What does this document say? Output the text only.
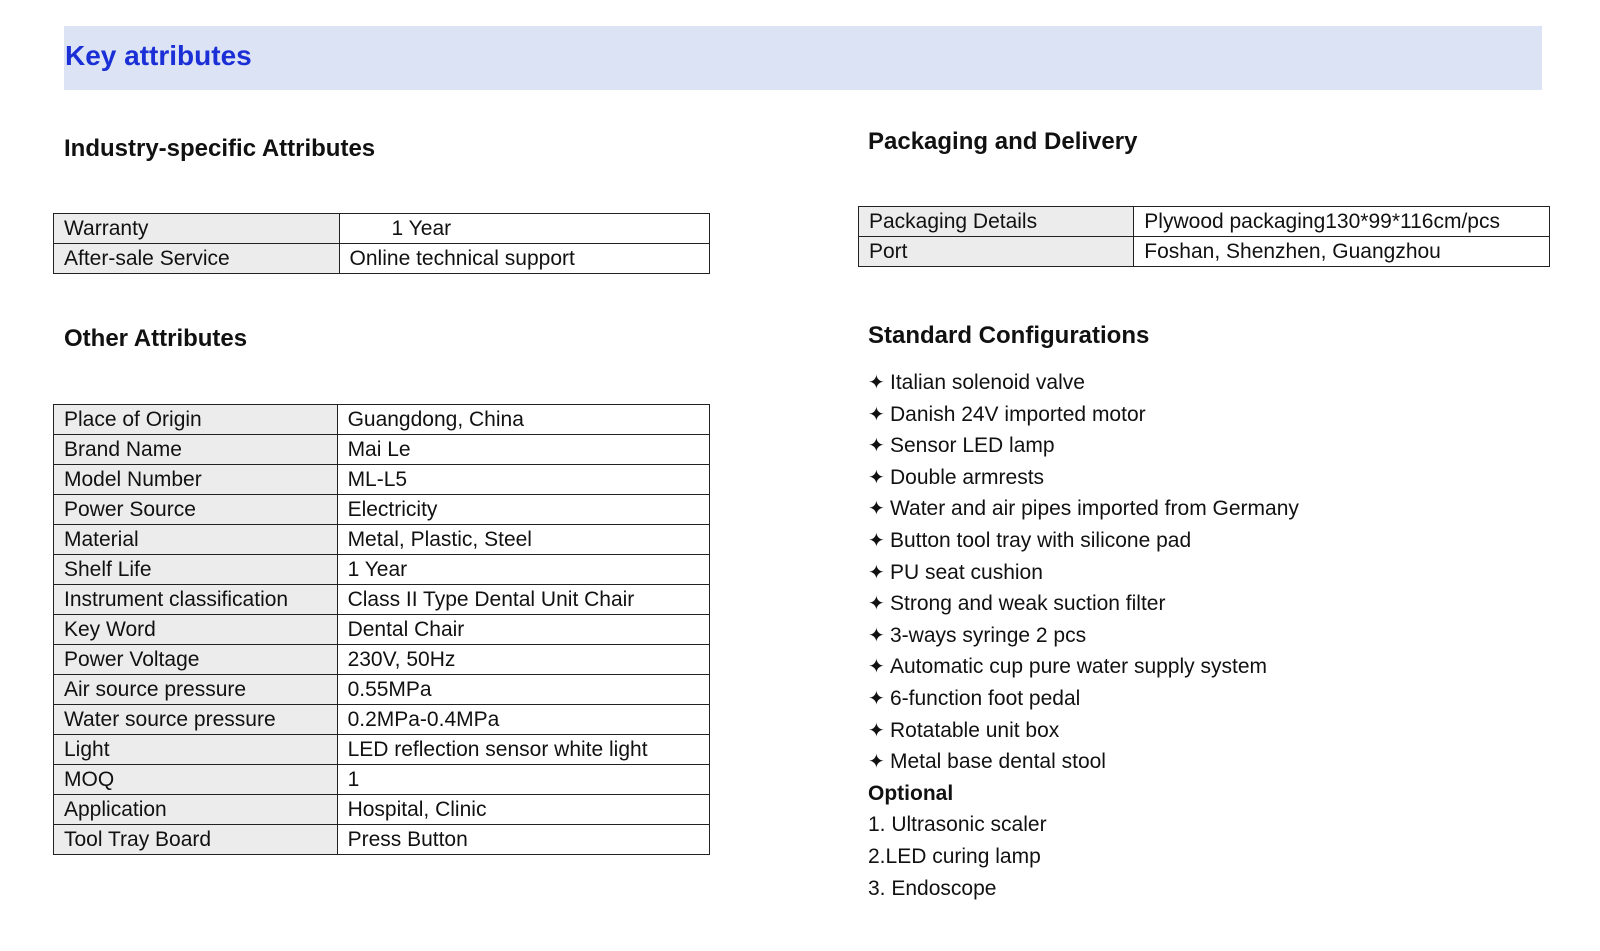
Key attributes
Industry-specific Attributes
Warranty	1 Year
After-sale Service	Online technical support
Other Attributes
Place of Origin	Guangdong, China
Brand Name	Mai Le
Model Number	ML-L5
Power Source	Electricity
Material	Metal, Plastic, Steel
Shelf Life	1 Year
Instrument classification	Class II Type Dental Unit Chair
Key Word	Dental Chair
Power Voltage	230V, 50Hz
Air source pressure	0.55MPa
Water source pressure	0.2MPa-0.4MPa
Light	LED reflection sensor white light
MOQ	1
Application	Hospital, Clinic
Tool Tray Board	Press Button
Packaging and Delivery
Packaging Details	Plywood packaging130*99*116cm/pcs
Port	Foshan, Shenzhen, Guangzhou
Standard Configurations
✦ Italian solenoid valve
✦ Danish 24V imported motor
✦ Sensor LED lamp
✦ Double armrests
✦ Water and air pipes imported from Germany
✦ Button tool tray with silicone pad
✦ PU seat cushion
✦ Strong and weak suction filter
✦ 3-ways syringe 2 pcs
✦ Automatic cup pure water supply system
✦ 6-function foot pedal
✦ Rotatable unit box
✦ Metal base dental stool
Optional
1. Ultrasonic scaler
2.LED curing lamp
3. Endoscope
